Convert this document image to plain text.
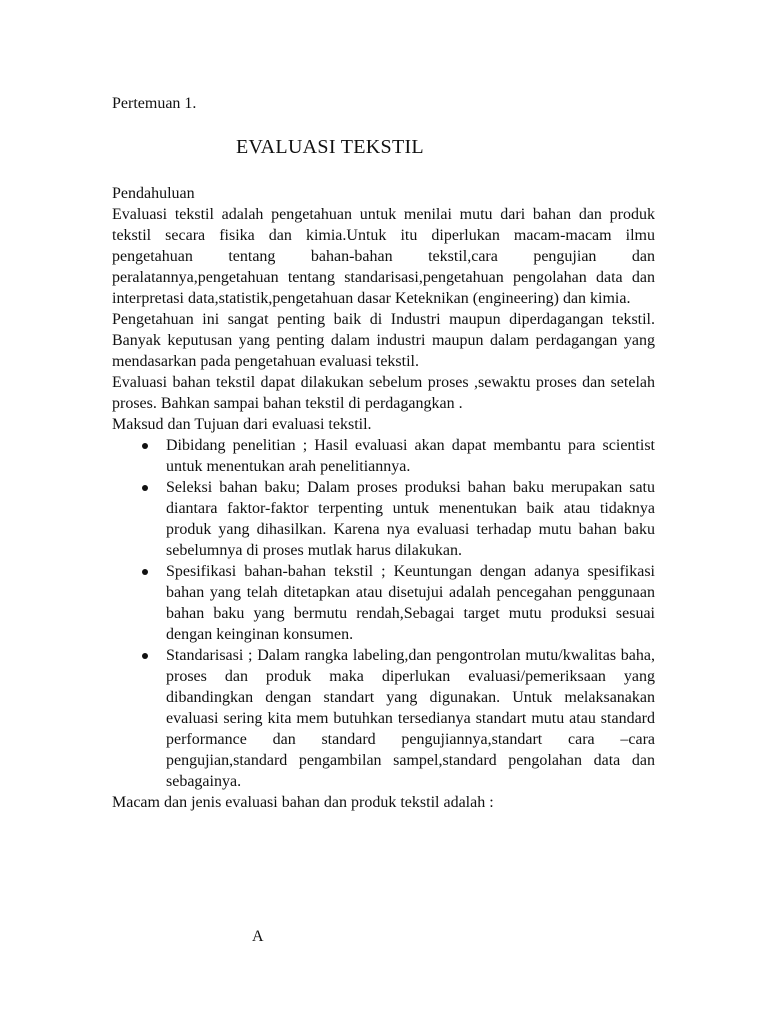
Pertemuan 1.

EVALUASI TEKSTIL

Pendahuluan

Evaluasi tekstil adalah pengetahuan untuk menilai mutu dari bahan dan produk tekstil secara fisika dan kimia.Untuk itu diperlukan macam-macam ilmu pengetahuan tentang bahan-bahan tekstil,cara pengujian dan peralatannya,pengetahuan tentang standarisasi,pengetahuan pengolahan data dan interpretasi data,statistik,pengetahuan dasar Keteknikan (engineering) dan kimia.

Pengetahuan ini sangat penting baik di Industri maupun diperdagangan tekstil. Banyak keputusan yang penting dalam industri maupun dalam perdagangan yang mendasarkan pada pengetahuan evaluasi tekstil.

Evaluasi bahan tekstil dapat dilakukan sebelum proses ,sewaktu proses dan setelah proses. Bahkan sampai bahan tekstil di perdagangkan .

Maksud dan Tujuan dari evaluasi tekstil.

Dibidang penelitian ; Hasil evaluasi akan dapat membantu para scientist untuk menentukan arah penelitiannya.
Seleksi bahan baku; Dalam proses produksi bahan baku merupakan satu diantara faktor-faktor terpenting untuk menentukan baik atau tidaknya produk yang dihasilkan. Karena nya evaluasi terhadap mutu bahan baku sebelumnya di proses mutlak harus dilakukan.
Spesifikasi bahan-bahan tekstil ; Keuntungan dengan adanya spesifikasi bahan yang telah ditetapkan atau disetujui adalah pencegahan penggunaan bahan baku yang bermutu rendah,Sebagai target mutu produksi sesuai dengan keinginan konsumen.
Standarisasi ; Dalam rangka labeling,dan pengontrolan mutu/kwalitas baha, proses dan produk maka diperlukan evaluasi/pemeriksaan yang dibandingkan dengan standart yang digunakan. Untuk melaksanakan evaluasi sering kita mem butuhkan tersedianya standart mutu atau standard performance dan standard pengujiannya,standart cara –cara pengujian,standard pengambilan sampel,standard pengolahan data dan sebagainya.

Macam dan jenis evaluasi bahan dan produk tekstil adalah :

A
